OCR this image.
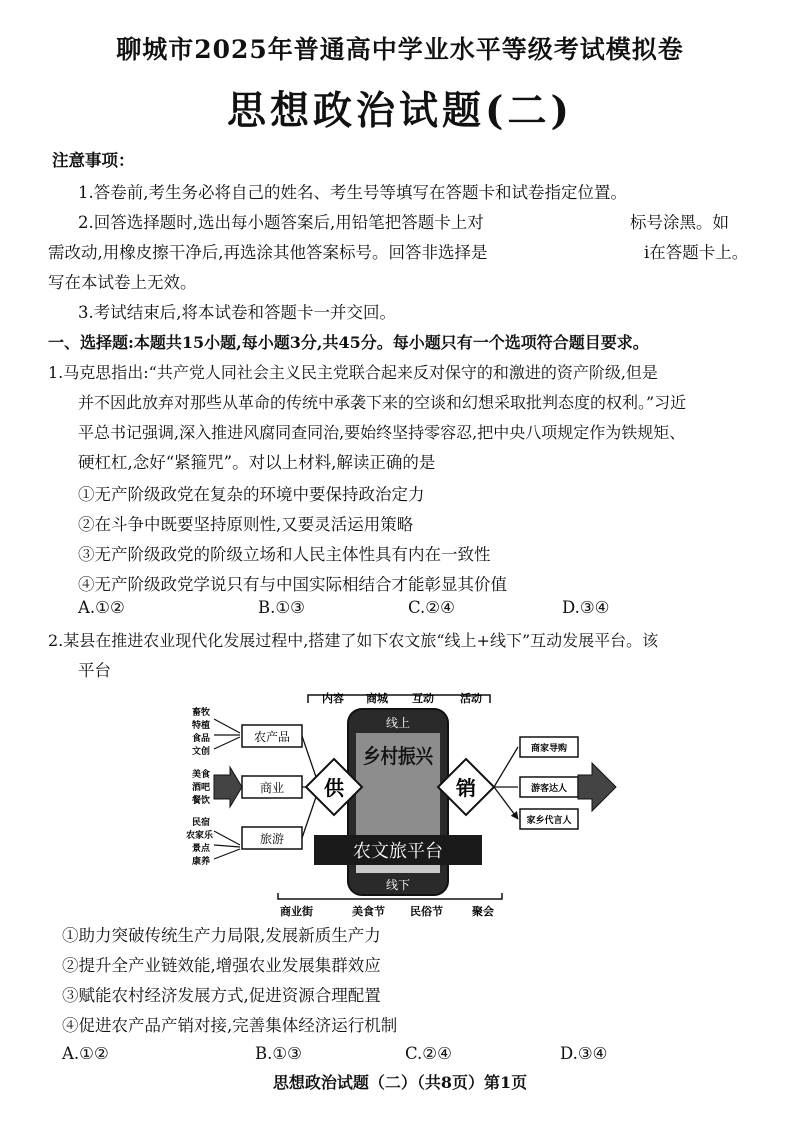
聊城市2025年普通高中学业水平等级考试模拟卷
思想政治试题(二)
注意事项：
1.答卷前,考生务必将自己的姓名、考生号等填写在答题卡和试卷指定位置。
2.回答选择题时,选出每小题答案后,用铅笔把答题卡上对	标号涂黑。如
需改动,用橡皮擦干净后,再选涂其他答案标号。回答非选择是	i在答题卡上。
写在本试卷上无效。
3.考试结束后,将本试卷和答题卡一并交回。
一、选择题:本题共15小题,每小题3分,共45分。每小题只有一个选项符合题目要求。
1.马克思指出:“共产党人同社会主义民主党联合起来反对保守的和激进的资产阶级,但是
并不因此放弃对那些从革命的传统中承袭下来的空谈和幻想采取批判态度的权利。”习近
平总书记强调,深入推进风腐同查同治,要始终坚持零容忍,把中央八项规定作为铁规矩、
硬杠杠,念好“紧箍咒”。对以上材料,解读正确的是
①无产阶级政党在复杂的环境中要保持政治定力
②在斗争中既要坚持原则性,又要灵活运用策略
③无产阶级政党的阶级立场和人民主体性具有内在一致性
④无产阶级政党学说只有与中国实际相结合才能彰显其价值
A.①②	B.①③	C.②④	D.③④
2.某县在推进农业现代化发展过程中,搭建了如下农文旅“线上+线下”互动发展平台。该
平台
内容 商城 互动 活动
线上
乡村振兴
农文旅平台
线下
商业街	美食节 民俗节	聚会
畜牧
特植
食品
文创
美食
酒吧
餐饮
民宿
农家乐
景点
康养
农产品
商业
旅游
供	销
商家导购
游客达人
家乡代言人
①助力突破传统生产力局限,发展新质生产力
②提升全产业链效能,增强农业发展集群效应
③赋能农村经济发展方式,促进资源合理配置
④促进农产品产销对接,完善集体经济运行机制
A.①②	B.①③	C.②④	D.③④
思想政治试题（二）（共8页）第1页
